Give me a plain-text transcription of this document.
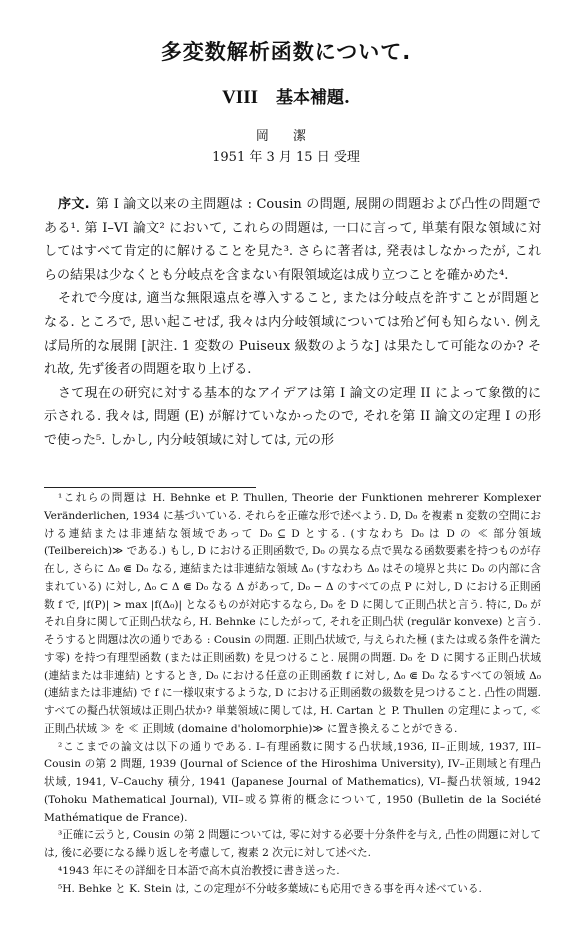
多変数解析函数について.
VIII 基本補題.
岡 潔
1951 年 3 月 15 日 受理

序文. 第 I 論文以来の主問題は : Cousin の問題, 展開の問題および凸性の問題である¹. 第 I–VI 論文² において, これらの問題は, 一口に言って, 単葉有限な領域に対してはすべて肯定的に解けることを見た³. さらに著者は, 発表はしなかったが, これらの結果は少なくとも分岐点を含まない有限領域迄は成り立つことを確かめた⁴.

それで今度は, 適当な無限遠点を導入すること, または分岐点を許すことが問題となる. ところで, 思い起こせば, 我々は内分岐領域については殆ど何も知らない. 例えば局所的な展開 [訳注. 1 変数の Puiseux 級数のような] は果たして可能なのか? それ故, 先ず後者の問題を取り上げる.

さて現在の研究に対する基本的なアイデアは第 I 論文の定理 II によって象徴的に示される. 我々は, 問題 (E) が解けていなかったので, それを第 II 論文の定理 I の形で使った⁵. しかし, 内分岐領域に対しては, 元の形

¹これらの問題は H. Behnke et P. Thullen, Theorie der Funktionen mehrerer Komplexer Veränderlichen, 1934 に基づいている. それらを正確な形で述べよう. D, D₀ を複素 n 変数の空間における連結または非連結な領域であって D₀ ⊆ D とする. (すなわち D₀ は D の ≪ 部分領域 (Teilbereich)≫ である.) もし, D における正則函数で, D₀ の異なる点で異なる函数要素を持つものが存在し, さらに Δ₀ ⋐ D₀ なる, 連結または非連結な領域 Δ₀ (すなわち Δ₀ はその境界と共に D₀ の内部に含まれている) に対し, Δ₀ ⊂ Δ ⋐ D₀ なる Δ があって, D₀ − Δ のすべての点 P に対し, D における正則函数 f で, |f(P)| > max |f(Δ₀)| となるものが対応するなら, D₀ を D に関して正則凸状と言う. 特に, D₀ がそれ自身に関して正則凸状なら, H. Behnke にしたがって, それを正則凸状 (regulär konvexe) と言う. そうすると問題は次の通りである : Cousin の問題. 正則凸状域で, 与えられた極 (または或る条件を満たす零) を持つ有理型函数 (または正則函数) を見つけること. 展開の問題. D₀ を D に関する正則凸状域 (連結または非連結) とするとき, D₀ における任意の正則函数 f に対し, Δ₀ ⋐ D₀ なるすべての領域 Δ₀ (連結または非連結) で f に一様収束するような, D における正則函数の級数を見つけること. 凸性の問題. すべての擬凸状領域は正則凸状か? 単葉領域に関しては, H. Cartan と P. Thullen の定理によって, ≪ 正則凸状域 ≫ を ≪ 正則域 (domaine d'holomorphie)≫ に置き換えることができる.

²ここまでの論文は以下の通りである. I–有理函数に関する凸状域,1936, II–正則域, 1937, III–Cousin の第 2 問題, 1939 (Journal of Science of the Hiroshima University), IV–正則域と有理凸状域, 1941, V–Cauchy 積分, 1941 (Japanese Journal of Mathematics), VI–擬凸状領域, 1942 (Tohoku Mathematical Journal), VII–或る算術的概念について, 1950 (Bulletin de la Société Mathématique de France).

³正確に云うと, Cousin の第 2 問題については, 零に対する必要十分条件を与え, 凸性の問題に対しては, 後に必要になる繰り返しを考慮して, 複素 2 次元に対して述べた.

⁴1943 年にその詳細を日本語で高木貞治教授に書き送った.

⁵H. Behke と K. Stein は, この定理が不分岐多葉域にも応用できる事を再々述べている.
